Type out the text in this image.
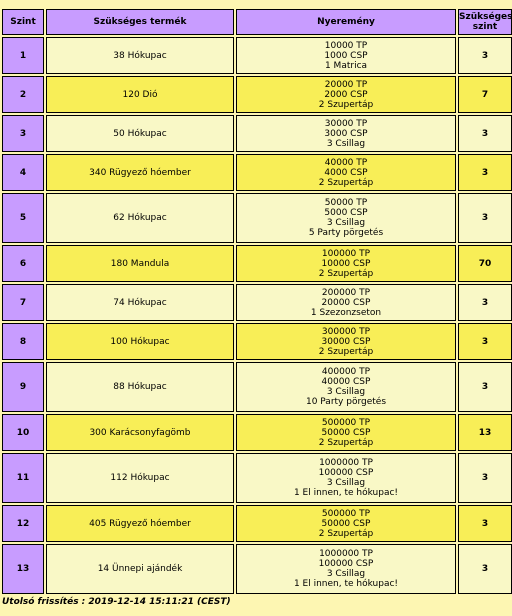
Szint	Szükséges termék	Nyeremény	Szükséges
szint

1	38 Hókupac	10000 TP
1000 CSP
1 Matrica	3
2	120 Dió	20000 TP
2000 CSP
2 Szupertáp	7
3	50 Hókupac	30000 TP
3000 CSP
3 Csillag	3
4	340 Rügyező hóember	40000 TP
4000 CSP
2 Szupertáp	3
5	62 Hókupac	50000 TP
5000 CSP
3 Csillag
5 Party pörgetés	3
6	180 Mandula	100000 TP
10000 CSP
2 Szupertáp	70
7	74 Hókupac	200000 TP
20000 CSP
1 Szezonzseton	3
8	100 Hókupac	300000 TP
30000 CSP
2 Szupertáp	3
9	88 Hókupac	400000 TP
40000 CSP
3 Csillag
10 Party pörgetés	3
10	300 Karácsonyfagömb	500000 TP
50000 CSP
2 Szupertáp	13
11	112 Hókupac	1000000 TP
100000 CSP
3 Csillag
1 El innen, te hókupac!	3
12	405 Rügyező hóember	500000 TP
50000 CSP
2 Szupertáp	3
13	14 Ünnepi ajándék	1000000 TP
100000 CSP
3 Csillag
1 El innen, te hókupac!	3
Utolsó frissítés : 2019-12-14 15:11:21 (CEST)
